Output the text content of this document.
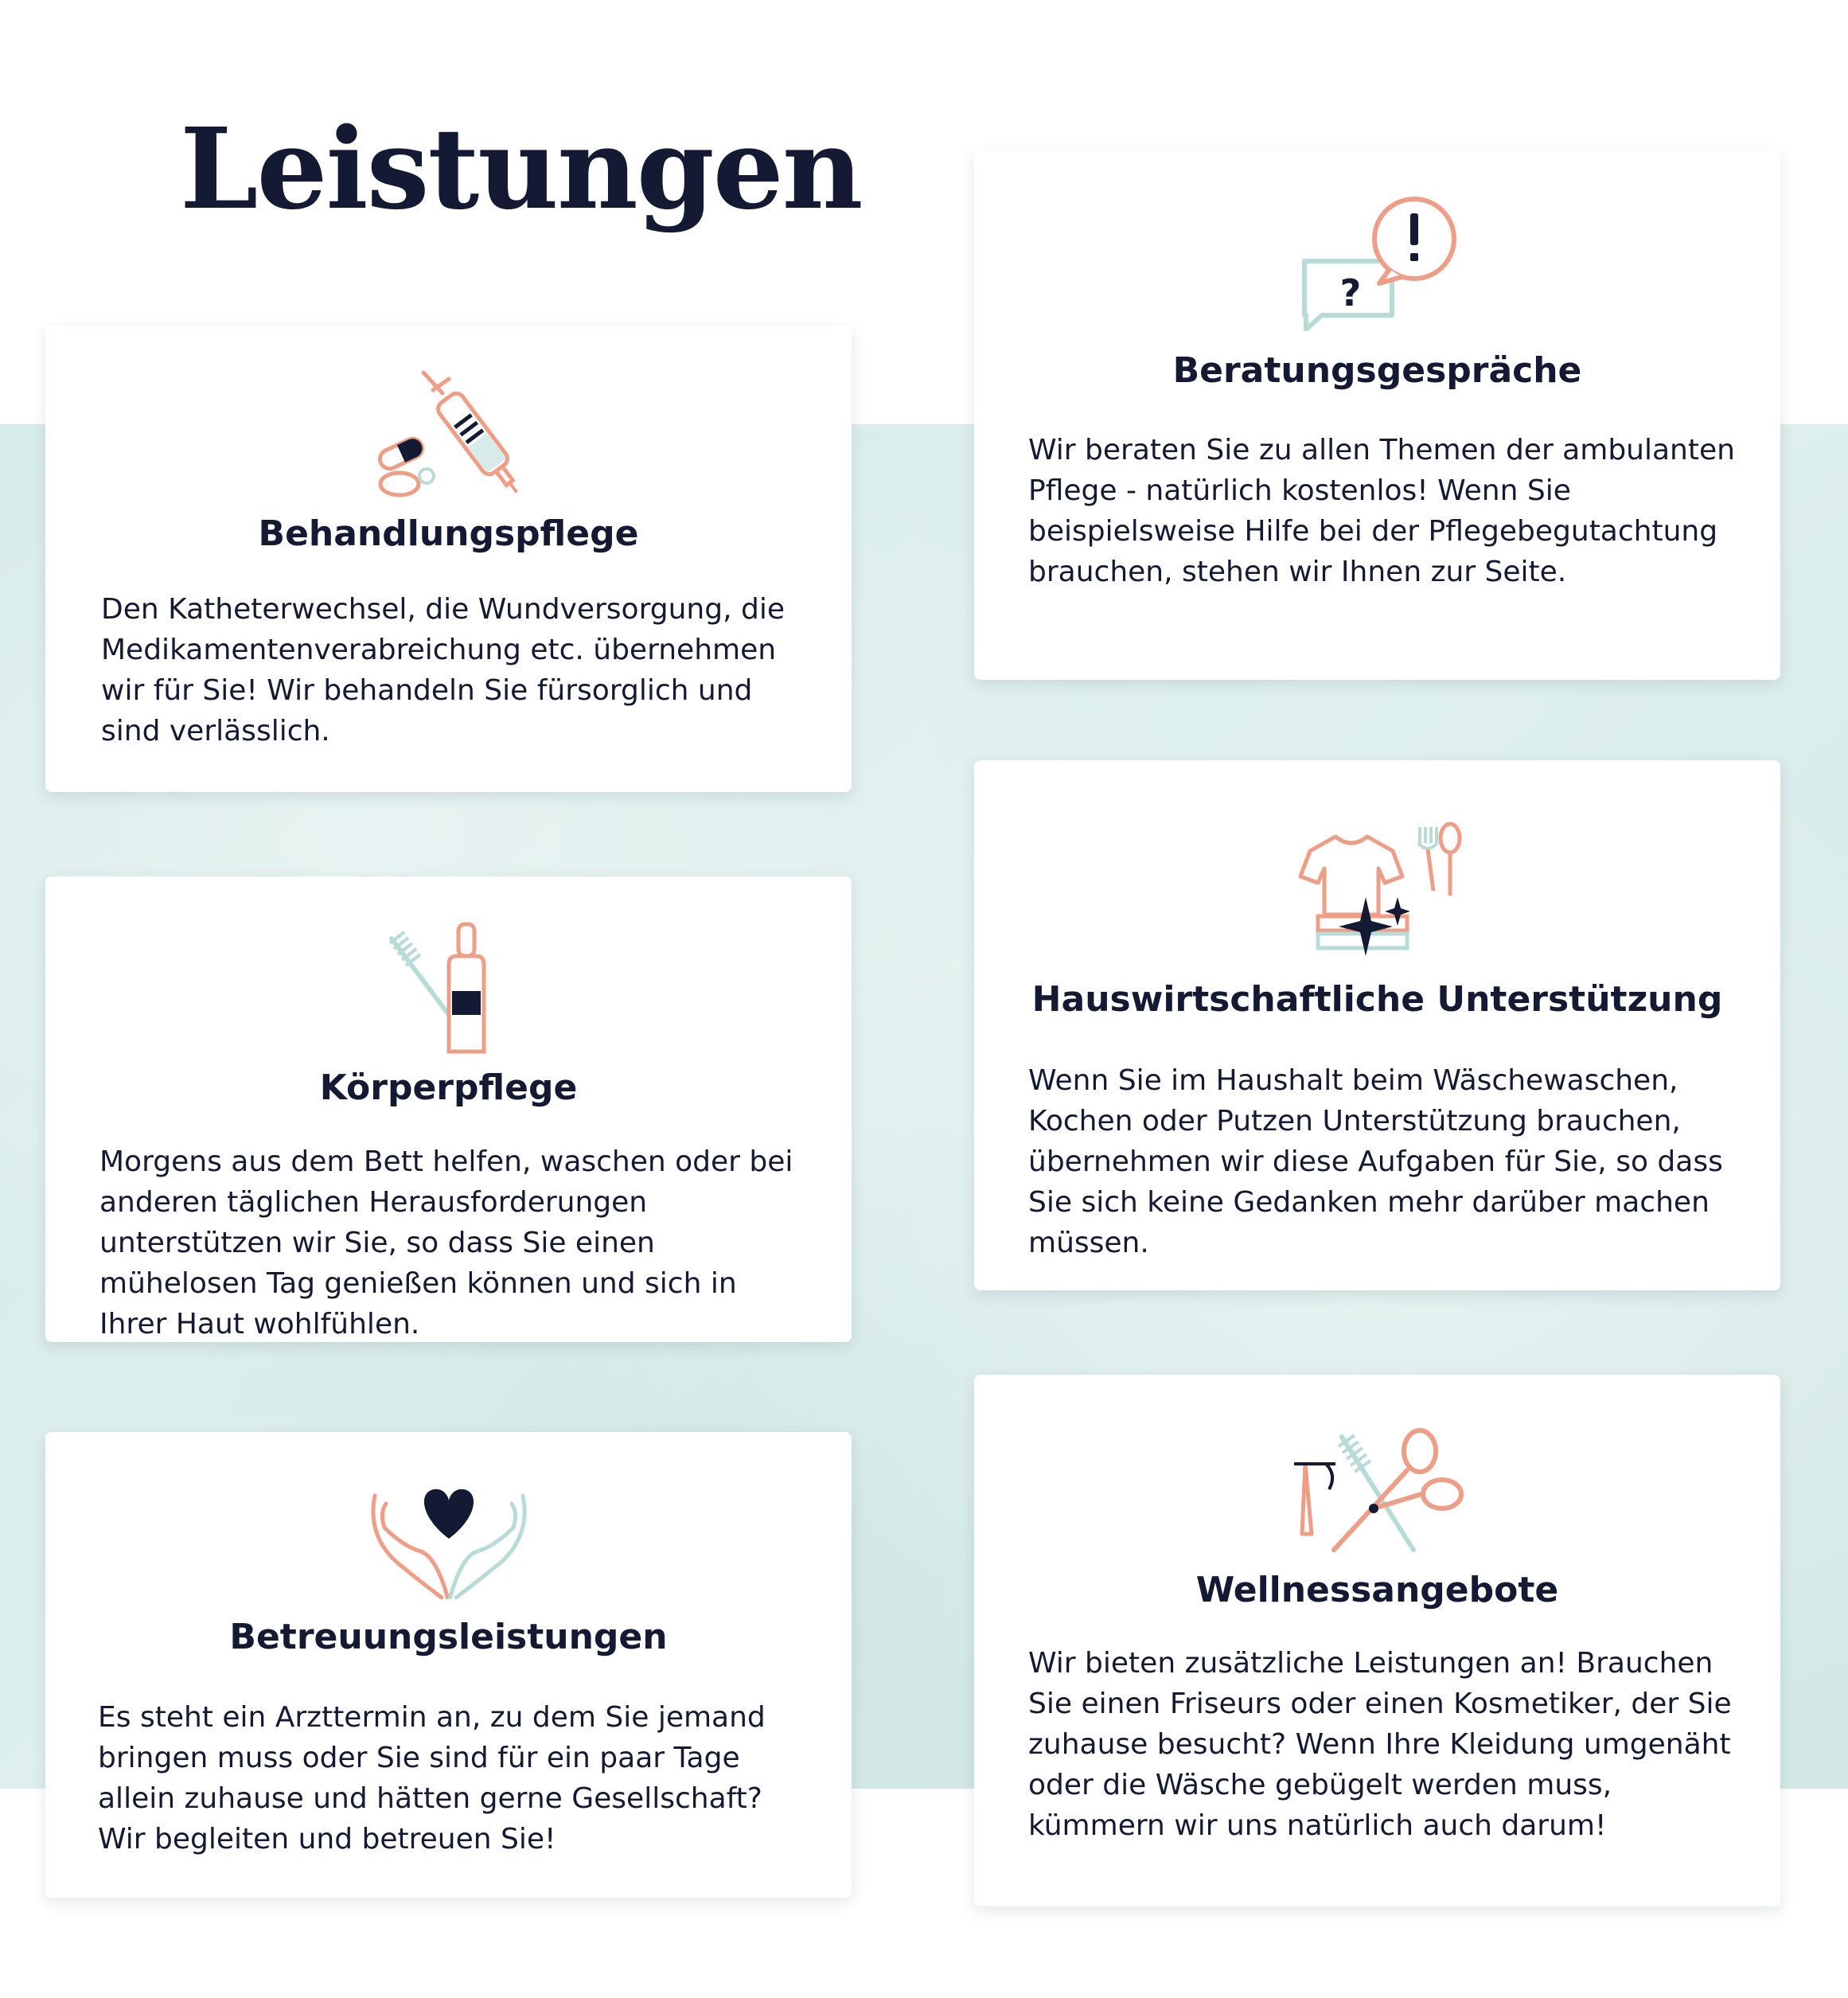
Leistungen
Behandlungspflege

Den Katheterwechsel, die Wundversorgung, die Medikamentenverabreichung etc. übernehmen wir für Sie! Wir behandeln Sie fürsorglich und sind verlässlich.

?
Beratungsgespräche

Wir beraten Sie zu allen Themen der ambulanten Pflege - natürlich kostenlos! Wenn Sie beispielsweise Hilfe bei der Pflegebegutachtung brauchen, stehen wir Ihnen zur Seite.

Körperpflege

Morgens aus dem Bett helfen, waschen oder bei anderen täglichen Herausforderungen unterstützen wir Sie, so dass Sie einen mühelosen Tag genießen können und sich in Ihrer Haut wohlfühlen.

Hauswirtschaftliche Unterstützung

Wenn Sie im Haushalt beim Wäschewaschen, Kochen oder Putzen Unterstützung brauchen, übernehmen wir diese Aufgaben für Sie, so dass Sie sich keine Gedanken mehr darüber machen müssen.

Betreuungsleistungen

Es steht ein Arzttermin an, zu dem Sie jemand bringen muss oder Sie sind für ein paar Tage allein zuhause und hätten gerne Gesellschaft? Wir begleiten und betreuen Sie!

Wellnessangebote

Wir bieten zusätzliche Leistungen an! Brauchen Sie einen Friseurs oder einen Kosmetiker, der Sie zuhause besucht? Wenn Ihre Kleidung umgenäht oder die Wäsche gebügelt werden muss, kümmern wir uns natürlich auch darum!
